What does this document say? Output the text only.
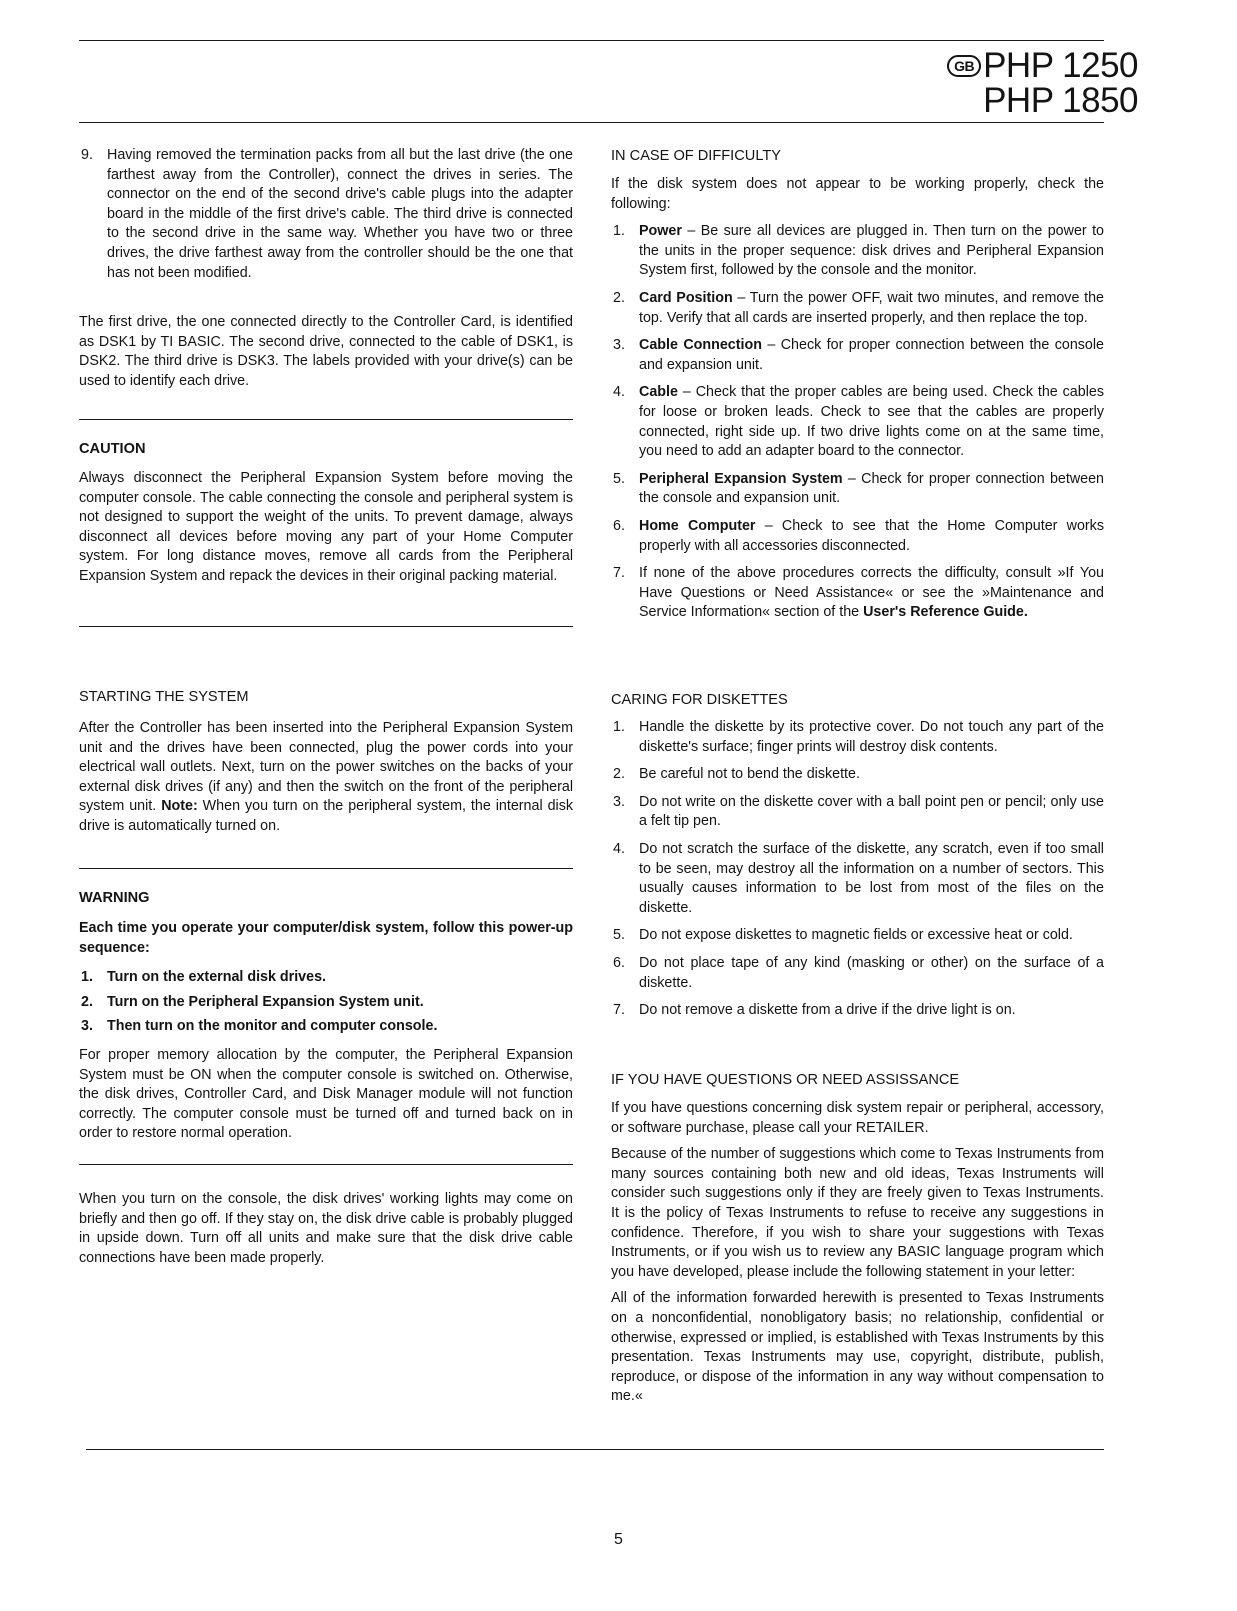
GB PHP 1250
PHP 1850
9. Having removed the termination packs from all but the last drive (the one farthest away from the Controller), connect the drives in series. The connector on the end of the second drive's cable plugs into the adapter board in the middle of the first drive's cable. The third drive is connected to the second drive in the same way. Whether you have two or three drives, the drive farthest away from the controller should be the one that has not been modified.

The first drive, the one connected directly to the Controller Card, is identified as DSK1 by TI BASIC. The second drive, connected to the cable of DSK1, is DSK2. The third drive is DSK3. The labels provided with your drive(s) can be used to identify each drive.

CAUTION

Always disconnect the Peripheral Expansion System before moving the computer console. The cable connecting the console and peripheral system is not designed to support the weight of the units. To prevent damage, always disconnect all devices before moving any part of your Home Computer system. For long distance moves, remove all cards from the Peripheral Expansion System and repack the devices in their original packing material.

STARTING THE SYSTEM

After the Controller has been inserted into the Peripheral Expansion System unit and the drives have been connected, plug the power cords into your electrical wall outlets. Next, turn on the power switches on the backs of your external disk drives (if any) and then the switch on the front of the peripheral system unit. Note: When you turn on the peripheral system, the internal disk drive is automatically turned on.

WARNING

Each time you operate your computer/disk system, follow this power-up sequence:

1. Turn on the external disk drives.
2. Turn on the Peripheral Expansion System unit.
3. Then turn on the monitor and computer console.

For proper memory allocation by the computer, the Peripheral Expansion System must be ON when the computer console is switched on. Otherwise, the disk drives, Controller Card, and Disk Manager module will not function correctly. The computer console must be turned off and turned back on in order to restore normal operation.

When you turn on the console, the disk drives' working lights may come on briefly and then go off. If they stay on, the disk drive cable is probably plugged in upside down. Turn off all units and make sure that the disk drive cable connections have been made properly.

IN CASE OF DIFFICULTY

If the disk system does not appear to be working properly, check the following:

1. Power – Be sure all devices are plugged in. Then turn on the power to the units in the proper sequence: disk drives and Peripheral Expansion System first, followed by the console and the monitor.
2. Card Position – Turn the power OFF, wait two minutes, and remove the top. Verify that all cards are inserted properly, and then replace the top.
3. Cable Connection – Check for proper connection between the console and expansion unit.
4. Cable – Check that the proper cables are being used. Check the cables for loose or broken leads. Check to see that the cables are properly connected, right side up. If two drive lights come on at the same time, you need to add an adapter board to the connector.
5. Peripheral Expansion System – Check for proper connection between the console and expansion unit.
6. Home Computer – Check to see that the Home Computer works properly with all accessories disconnected.
7. If none of the above procedures corrects the difficulty, consult »If You Have Questions or Need Assistance« or see the »Maintenance and Service Information« section of the User's Reference Guide.
CARING FOR DISKETTES
1. Handle the diskette by its protective cover. Do not touch any part of the diskette's surface; finger prints will destroy disk contents.
2. Be careful not to bend the diskette.
3. Do not write on the diskette cover with a ball point pen or pencil; only use a felt tip pen.
4. Do not scratch the surface of the diskette, any scratch, even if too small to be seen, may destroy all the information on a number of sectors. This usually causes information to be lost from most of the files on the diskette.
5. Do not expose diskettes to magnetic fields or excessive heat or cold.
6. Do not place tape of any kind (masking or other) on the surface of a diskette.
7. Do not remove a diskette from a drive if the drive light is on.
IF YOU HAVE QUESTIONS OR NEED ASSISSANCE

If you have questions concerning disk system repair or peripheral, accessory, or software purchase, please call your RETAILER.

Because of the number of suggestions which come to Texas Instruments from many sources containing both new and old ideas, Texas Instruments will consider such suggestions only if they are freely given to Texas Instruments. It is the policy of Texas Instruments to refuse to receive any suggestions in confidence. Therefore, if you wish to share your suggestions with Texas Instruments, or if you wish us to review any BASIC language program which you have developed, please include the following statement in your letter:

All of the information forwarded herewith is presented to Texas Instruments on a nonconfidential, nonobligatory basis; no relationship, confidential or otherwise, expressed or implied, is established with Texas Instruments by this presentation. Texas Instruments may use, copyright, distribute, publish, reproduce, or dispose of the information in any way without compensation to me.«

5
